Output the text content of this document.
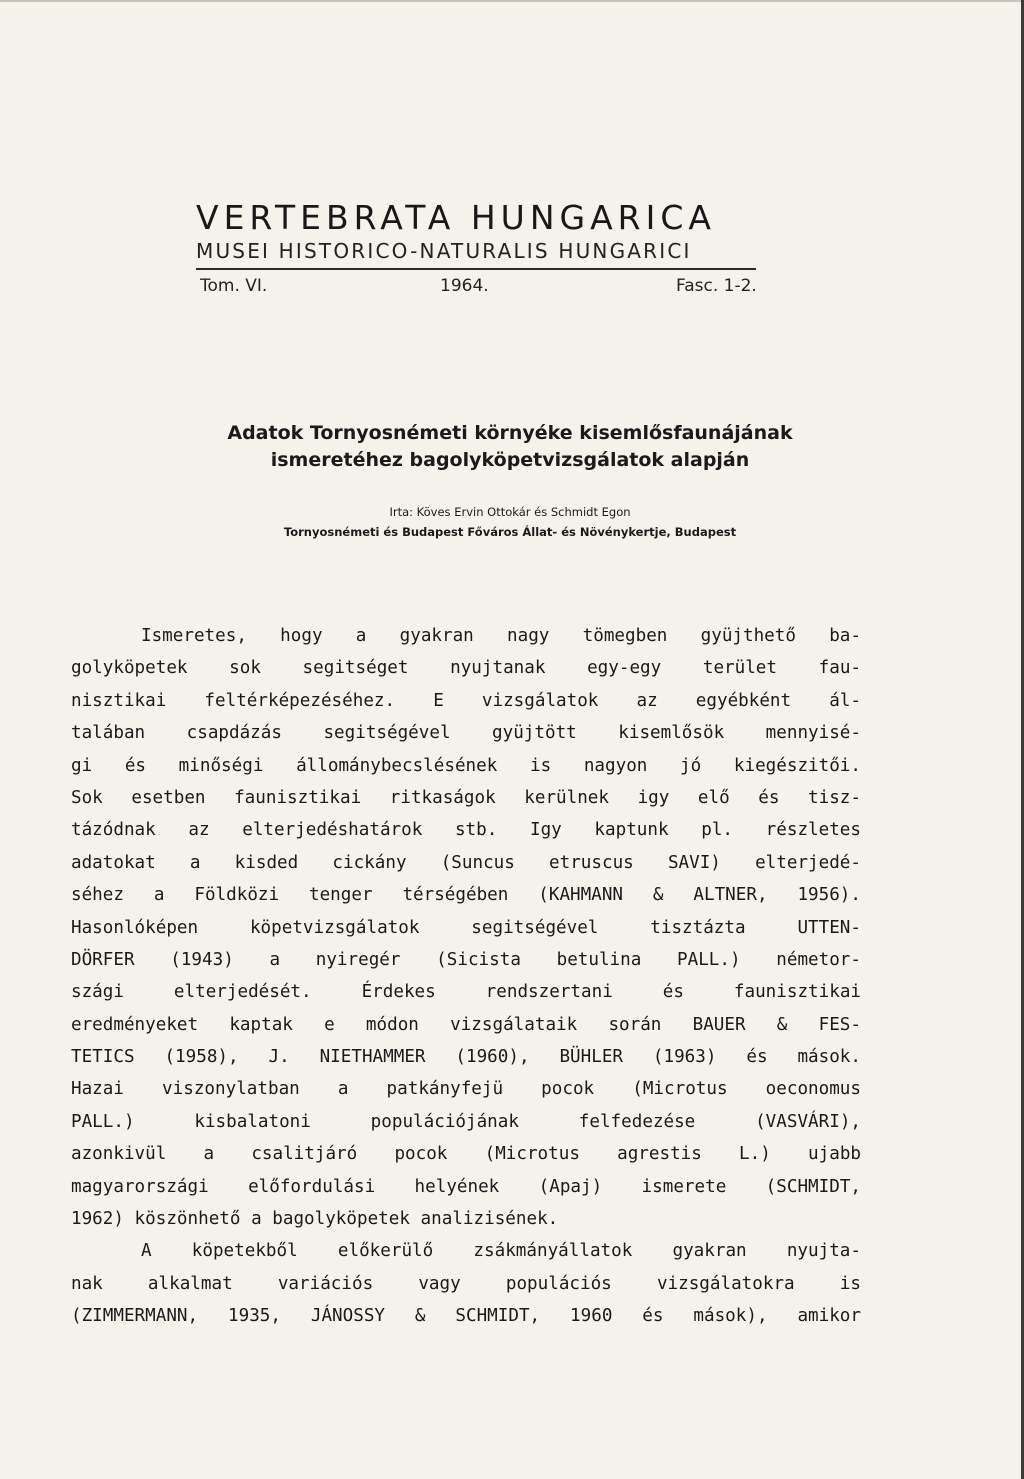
VERTEBRATA HUNGARICA
MUSEI HISTORICO-NATURALIS HUNGARICI
Tom. VI.	1964.	Fasc. 1-2.
Adatok Tornyosnémeti környéke kisemlősfaunájának
ismeretéhez bagolyköpetvizsgálatok alapján
Irta: Köves Ervin Ottokár és Schmidt Egon
Tornyosnémeti és Budapest Főváros Állat- és Növénykertje, Budapest
Ismeretes, hogy a gyakran nagy tömegben gyüjthető ba-
golyköpetek sok segitséget nyujtanak egy-egy terület fau-
nisztikai feltérképezéséhez. E vizsgálatok az egyébként ál-
talában csapdázás segitségével gyüjtött kisemlősök mennyisé-
gi és minőségi állománybecslésének is nagyon jó kiegészitői.
Sok esetben faunisztikai ritkaságok kerülnek igy elő és tisz-
tázódnak az elterjedéshatárok stb. Igy kaptunk pl. részletes
adatokat a kisded cickány (Suncus etruscus SAVI) elterjedé-
séhez a Földközi tenger térségében (KAHMANN & ALTNER, 1956).
Hasonlóképen köpetvizsgálatok segitségével tisztázta UTTEN-
DÖRFER (1943) a nyiregér (Sicista betulina PALL.) németor-
szági elterjedését. Érdekes rendszertani és faunisztikai
eredményeket kaptak e módon vizsgálataik során BAUER & FES-
TETICS (1958), J. NIETHAMMER (1960), BÜHLER (1963) és mások.
Hazai viszonylatban a patkányfejü pocok (Microtus oeconomus
PALL.) kisbalatoni populációjának felfedezése (VASVÁRI),
azonkivül a csalitjáró pocok (Microtus agrestis L.) ujabb
magyarországi előfordulási helyének (Apaj) ismerete (SCHMIDT,
1962) köszönhető a bagolyköpetek analizisének.
A köpetekből előkerülő zsákmányállatok gyakran nyujta-
nak alkalmat variációs vagy populációs vizsgálatokra is
(ZIMMERMANN, 1935, JÁNOSSY & SCHMIDT, 1960 és mások), amikor
